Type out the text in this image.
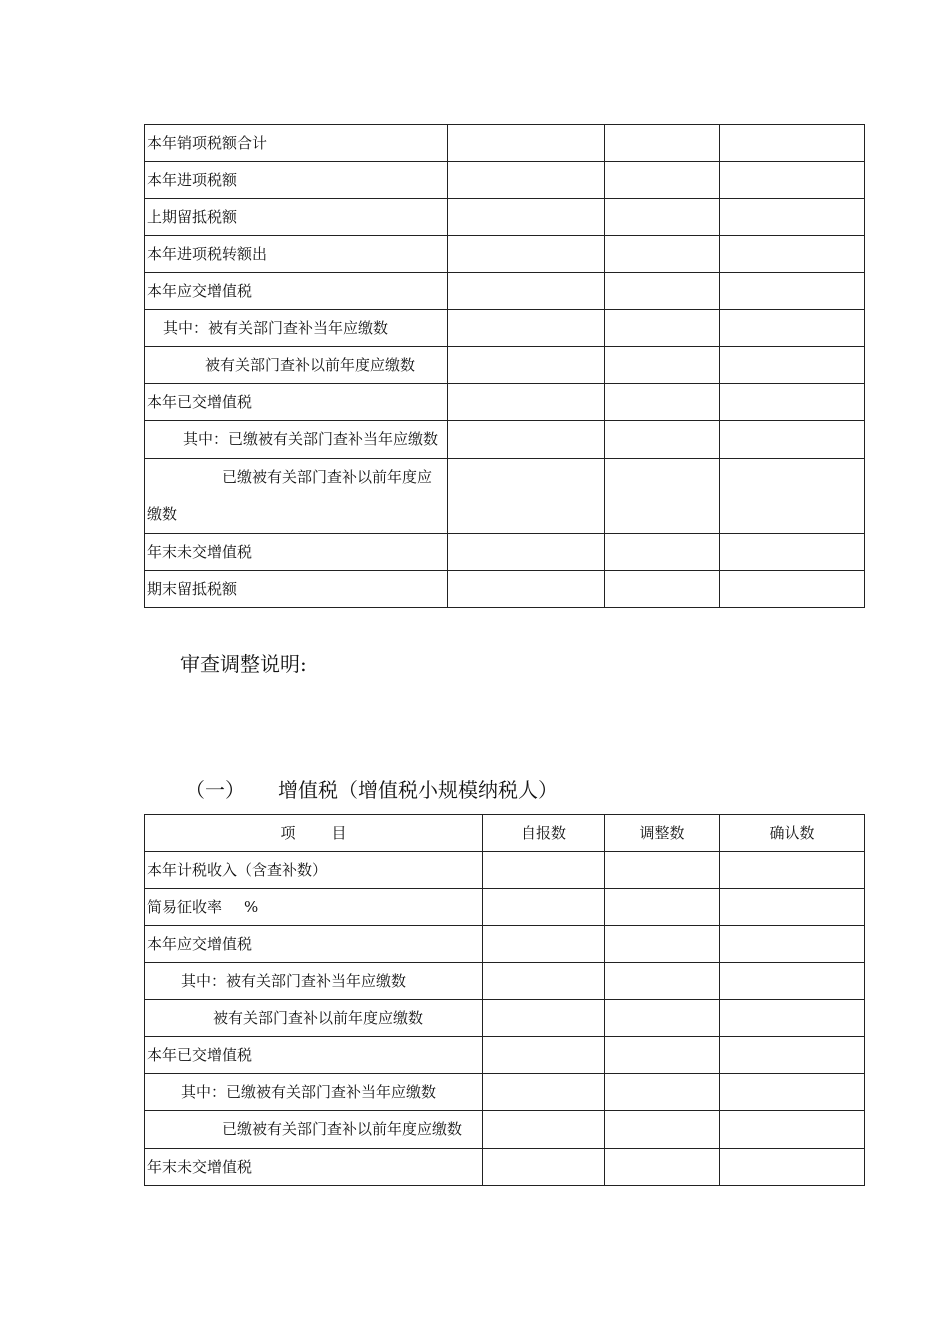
本年销项税额合计			
本年进项税额			
上期留抵税额			
本年进项税转额出			
本年应交增值税			
其中：被有关部门查补当年应缴数			
被有关部门查补以前年度应缴数			
本年已交增值税			
其中：已缴被有关部门查补当年应缴数			
已缴被有关部门查补以前年度应缴数			
年末未交增值税			
期末留抵税额			
审查调整说明:
（一） 增值税（增值税小规模纳税人）
项 目	自报数	调整数	确认数
本年计税收入（含查补数）			
简易征收率 %			
本年应交增值税			
其中：被有关部门查补当年应缴数			
被有关部门查补以前年度应缴数			
本年已交增值税			
其中：已缴被有关部门查补当年应缴数			
已缴被有关部门查补以前年度应缴数			
年末未交增值税			
